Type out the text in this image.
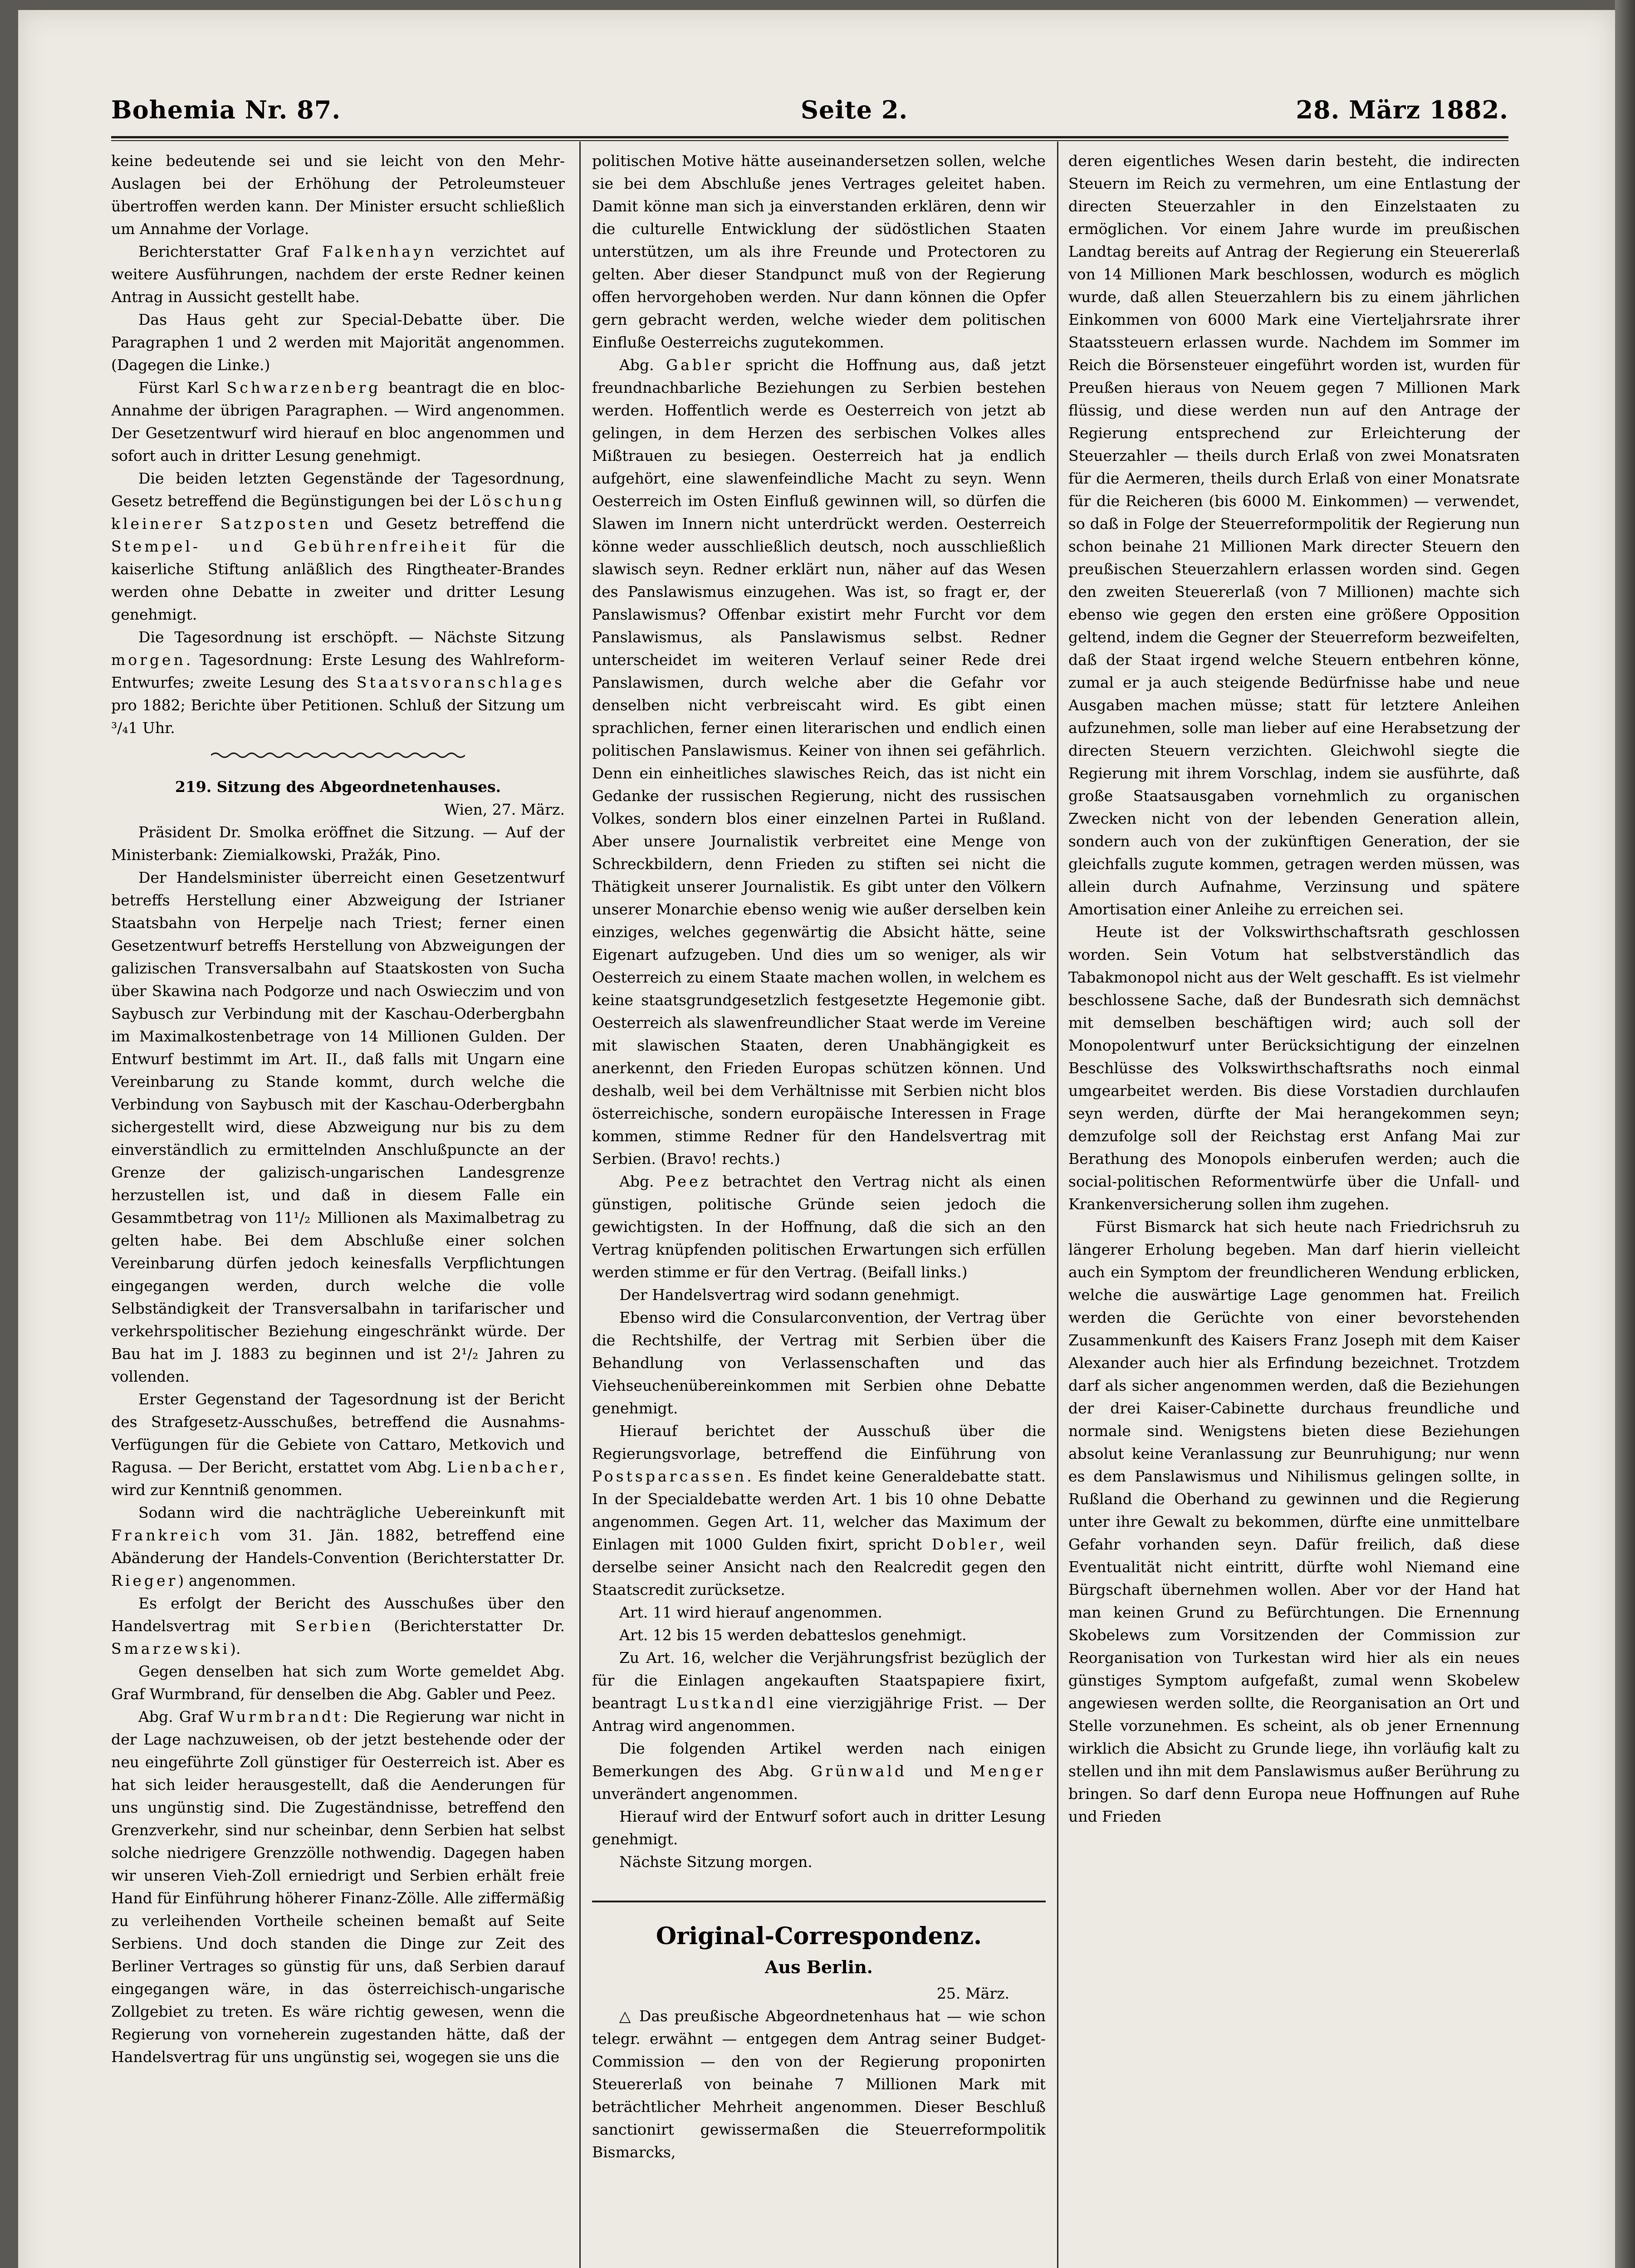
Bohemia Nr. 87.	Seite 2.	28. März 1882.

keine bedeutende sei und sie leicht von den Mehr-Auslagen bei der Erhöhung der Petroleumsteuer übertroffen werden kann. Der Minister ersucht schließlich um Annahme der Vorlage.

Berichterstatter Graf Falkenhayn verzichtet auf weitere Ausführungen, nachdem der erste Redner keinen Antrag in Aussicht gestellt habe.

Das Haus geht zur Special-Debatte über. Die Paragraphen 1 und 2 werden mit Majorität angenommen. (Dagegen die Linke.)

Fürst Karl Schwarzenberg beantragt die en bloc-Annahme der übrigen Paragraphen. — Wird angenommen. Der Gesetzentwurf wird hierauf en bloc angenommen und sofort auch in dritter Lesung genehmigt.

Die beiden letzten Gegenstände der Tagesordnung, Gesetz betreffend die Begünstigungen bei der Löschung kleinerer Satzposten und Gesetz betreffend die Stempel- und Gebührenfreiheit für die kaiserliche Stiftung anläßlich des Ringtheater-Brandes werden ohne Debatte in zweiter und dritter Lesung genehmigt.

Die Tagesordnung ist erschöpft. — Nächste Sitzung morgen. Tagesordnung: Erste Lesung des Wahlreform-Entwurfes; zweite Lesung des Staatsvoranschlages pro 1882; Berichte über Petitionen. Schluß der Sitzung um ³/₄1 Uhr.

219. Sitzung des Abgeordnetenhauses.

Wien, 27. März.

Präsident Dr. Smolka eröffnet die Sitzung. — Auf der Ministerbank: Ziemialkowski, Pražák, Pino.

Der Handelsminister überreicht einen Gesetzentwurf betreffs Herstellung einer Abzweigung der Istrianer Staatsbahn von Herpelje nach Triest; ferner einen Gesetzentwurf betreffs Herstellung von Abzweigungen der galizischen Transversalbahn auf Staatskosten von Sucha über Skawina nach Podgorze und nach Oswieczim und von Saybusch zur Verbindung mit der Kaschau-Oderbergbahn im Maximalkostenbetrage von 14 Millionen Gulden. Der Entwurf bestimmt im Art. II., daß falls mit Ungarn eine Vereinbarung zu Stande kommt, durch welche die Verbindung von Saybusch mit der Kaschau-Oderbergbahn sichergestellt wird, diese Abzweigung nur bis zu dem einverständlich zu ermittelnden Anschlußpuncte an der Grenze der galizisch-ungarischen Landesgrenze herzustellen ist, und daß in diesem Falle ein Gesammtbetrag von 11¹/₂ Millionen als Maximalbetrag zu gelten habe. Bei dem Abschluße einer solchen Vereinbarung dürfen jedoch keinesfalls Verpflichtungen eingegangen werden, durch welche die volle Selbständigkeit der Transversalbahn in tarifarischer und verkehrspolitischer Beziehung eingeschränkt würde. Der Bau hat im J. 1883 zu beginnen und ist 2¹/₂ Jahren zu vollenden.

Erster Gegenstand der Tagesordnung ist der Bericht des Strafgesetz-Ausschußes, betreffend die Ausnahms-Verfügungen für die Gebiete von Cattaro, Metkovich und Ragusa. — Der Bericht, erstattet vom Abg. Lienbacher, wird zur Kenntniß genommen.

Sodann wird die nachträgliche Uebereinkunft mit Frankreich vom 31. Jän. 1882, betreffend eine Abänderung der Handels-Convention (Berichterstatter Dr. Rieger) angenommen.

Es erfolgt der Bericht des Ausschußes über den Handelsvertrag mit Serbien (Berichterstatter Dr. Smarzewski).

Gegen denselben hat sich zum Worte gemeldet Abg. Graf Wurmbrand, für denselben die Abg. Gabler und Peez.

Abg. Graf Wurmbrandt: Die Regierung war nicht in der Lage nachzuweisen, ob der jetzt bestehende oder der neu eingeführte Zoll günstiger für Oesterreich ist. Aber es hat sich leider herausgestellt, daß die Aenderungen für uns ungünstig sind. Die Zugeständnisse, betreffend den Grenzverkehr, sind nur scheinbar, denn Serbien hat selbst solche niedrigere Grenzzölle nothwendig. Dagegen haben wir unseren Vieh-Zoll erniedrigt und Serbien erhält freie Hand für Einführung höherer Finanz-Zölle. Alle ziffermäßig zu verleihenden Vortheile scheinen bemaßt auf Seite Serbiens. Und doch standen die Dinge zur Zeit des Berliner Vertrages so günstig für uns, daß Serbien darauf eingegangen wäre, in das österreichisch-ungarische Zollgebiet zu treten. Es wäre richtig gewesen, wenn die Regierung von vorneherein zugestanden hätte, daß der Handelsvertrag für uns ungünstig sei, wogegen sie uns die

politischen Motive hätte auseinandersetzen sollen, welche sie bei dem Abschluße jenes Vertrages geleitet haben. Damit könne man sich ja einverstanden erklären, denn wir die culturelle Entwicklung der südöstlichen Staaten unterstützen, um als ihre Freunde und Protectoren zu gelten. Aber dieser Standpunct muß von der Regierung offen hervorgehoben werden. Nur dann können die Opfer gern gebracht werden, welche wieder dem politischen Einfluße Oesterreichs zugutekommen.

Abg. Gabler spricht die Hoffnung aus, daß jetzt freundnachbarliche Beziehungen zu Serbien bestehen werden. Hoffentlich werde es Oesterreich von jetzt ab gelingen, in dem Herzen des serbischen Volkes alles Mißtrauen zu besiegen. Oesterreich hat ja endlich aufgehört, eine slawenfeindliche Macht zu seyn. Wenn Oesterreich im Osten Einfluß gewinnen will, so dürfen die Slawen im Innern nicht unterdrückt werden. Oesterreich könne weder ausschließlich deutsch, noch ausschließlich slawisch seyn. Redner erklärt nun, näher auf das Wesen des Panslawismus einzugehen. Was ist, so fragt er, der Panslawismus? Offenbar existirt mehr Furcht vor dem Panslawismus, als Panslawismus selbst. Redner unterscheidet im weiteren Verlauf seiner Rede drei Panslawismen, durch welche aber die Gefahr vor denselben nicht verbreiscaht wird. Es gibt einen sprachlichen, ferner einen literarischen und endlich einen politischen Panslawismus. Keiner von ihnen sei gefährlich. Denn ein einheitliches slawisches Reich, das ist nicht ein Gedanke der russischen Regierung, nicht des russischen Volkes, sondern blos einer einzelnen Partei in Rußland. Aber unsere Journalistik verbreitet eine Menge von Schreckbildern, denn Frieden zu stiften sei nicht die Thätigkeit unserer Journalistik. Es gibt unter den Völkern unserer Monarchie ebenso wenig wie außer derselben kein einziges, welches gegenwärtig die Absicht hätte, seine Eigenart aufzugeben. Und dies um so weniger, als wir Oesterreich zu einem Staate machen wollen, in welchem es keine staatsgrundgesetzlich festgesetzte Hegemonie gibt. Oesterreich als slawenfreundlicher Staat werde im Vereine mit slawischen Staaten, deren Unabhängigkeit es anerkennt, den Frieden Europas schützen können. Und deshalb, weil bei dem Verhältnisse mit Serbien nicht blos österreichische, sondern europäische Interessen in Frage kommen, stimme Redner für den Handelsvertrag mit Serbien. (Bravo! rechts.)

Abg. Peez betrachtet den Vertrag nicht als einen günstigen, politische Gründe seien jedoch die gewichtigsten. In der Hoffnung, daß die sich an den Vertrag knüpfenden politischen Erwartungen sich erfüllen werden stimme er für den Vertrag. (Beifall links.)

Der Handelsvertrag wird sodann genehmigt.

Ebenso wird die Consularconvention, der Vertrag über die Rechtshilfe, der Vertrag mit Serbien über die Behandlung von Verlassenschaften und das Viehseuchenübereinkommen mit Serbien ohne Debatte genehmigt.

Hierauf berichtet der Ausschuß über die Regierungsvorlage, betreffend die Einführung von Postsparcassen. Es findet keine Generaldebatte statt. In der Specialdebatte werden Art. 1 bis 10 ohne Debatte angenommen. Gegen Art. 11, welcher das Maximum der Einlagen mit 1000 Gulden fixirt, spricht Dobler, weil derselbe seiner Ansicht nach den Realcredit gegen den Staatscredit zurücksetze.

Art. 11 wird hierauf angenommen.

Art. 12 bis 15 werden debatteslos genehmigt.

Zu Art. 16, welcher die Verjährungsfrist bezüglich der für die Einlagen angekauften Staatspapiere fixirt, beantragt Lustkandl eine vierzigjährige Frist. — Der Antrag wird angenommen.

Die folgenden Artikel werden nach einigen Bemerkungen des Abg. Grünwald und Menger unverändert angenommen.

Hierauf wird der Entwurf sofort auch in dritter Lesung genehmigt.

Nächste Sitzung morgen.

Original-Correspondenz.
Aus Berlin.

25. März.

△ Das preußische Abgeordnetenhaus hat — wie schon telegr. erwähnt — entgegen dem Antrag seiner Budget-Commission — den von der Regierung proponirten Steuererlaß von beinahe 7 Millionen Mark mit beträchtlicher Mehrheit angenommen. Dieser Beschluß sanctionirt gewissermaßen die Steuerreformpolitik Bismarcks,

deren eigentliches Wesen darin besteht, die indirecten Steuern im Reich zu vermehren, um eine Entlastung der directen Steuerzahler in den Einzelstaaten zu ermöglichen. Vor einem Jahre wurde im preußischen Landtag bereits auf Antrag der Regierung ein Steuererlaß von 14 Millionen Mark beschlossen, wodurch es möglich wurde, daß allen Steuerzahlern bis zu einem jährlichen Einkommen von 6000 Mark eine Vierteljahrsrate ihrer Staatssteuern erlassen wurde. Nachdem im Sommer im Reich die Börsensteuer eingeführt worden ist, wurden für Preußen hieraus von Neuem gegen 7 Millionen Mark flüssig, und diese werden nun auf den Antrage der Regierung entsprechend zur Erleichterung der Steuerzahler — theils durch Erlaß von zwei Monatsraten für die Aermeren, theils durch Erlaß von einer Monatsrate für die Reicheren (bis 6000 M. Einkommen) — verwendet, so daß in Folge der Steuerreformpolitik der Regierung nun schon beinahe 21 Millionen Mark directer Steuern den preußischen Steuerzahlern erlassen worden sind. Gegen den zweiten Steuererlaß (von 7 Millionen) machte sich ebenso wie gegen den ersten eine größere Opposition geltend, indem die Gegner der Steuerreform bezweifelten, daß der Staat irgend welche Steuern entbehren könne, zumal er ja auch steigende Bedürfnisse habe und neue Ausgaben machen müsse; statt für letztere Anleihen aufzunehmen, solle man lieber auf eine Herabsetzung der directen Steuern verzichten. Gleichwohl siegte die Regierung mit ihrem Vorschlag, indem sie ausführte, daß große Staatsausgaben vornehmlich zu organischen Zwecken nicht von der lebenden Generation allein, sondern auch von der zukünftigen Generation, der sie gleichfalls zugute kommen, getragen werden müssen, was allein durch Aufnahme, Verzinsung und spätere Amortisation einer Anleihe zu erreichen sei.

Heute ist der Volkswirthschaftsrath geschlossen worden. Sein Votum hat selbstverständlich das Tabakmonopol nicht aus der Welt geschafft. Es ist vielmehr beschlossene Sache, daß der Bundesrath sich demnächst mit demselben beschäftigen wird; auch soll der Monopolentwurf unter Berücksichtigung der einzelnen Beschlüsse des Volkswirthschaftsraths noch einmal umgearbeitet werden. Bis diese Vorstadien durchlaufen seyn werden, dürfte der Mai herangekommen seyn; demzufolge soll der Reichstag erst Anfang Mai zur Berathung des Monopols einberufen werden; auch die social-politischen Reformentwürfe über die Unfall- und Krankenversicherung sollen ihm zugehen.

Fürst Bismarck hat sich heute nach Friedrichsruh zu längerer Erholung begeben. Man darf hierin vielleicht auch ein Symptom der freundlicheren Wendung erblicken, welche die auswärtige Lage genommen hat. Freilich werden die Gerüchte von einer bevorstehenden Zusammenkunft des Kaisers Franz Joseph mit dem Kaiser Alexander auch hier als Erfindung bezeichnet. Trotzdem darf als sicher angenommen werden, daß die Beziehungen der drei Kaiser-Cabinette durchaus freundliche und normale sind. Wenigstens bieten diese Beziehungen absolut keine Veranlassung zur Beunruhigung; nur wenn es dem Panslawismus und Nihilismus gelingen sollte, in Rußland die Oberhand zu gewinnen und die Regierung unter ihre Gewalt zu bekommen, dürfte eine unmittelbare Gefahr vorhanden seyn. Dafür freilich, daß diese Eventualität nicht eintritt, dürfte wohl Niemand eine Bürgschaft übernehmen wollen. Aber vor der Hand hat man keinen Grund zu Befürchtungen. Die Ernennung Skobelews zum Vorsitzenden der Commission zur Reorganisation von Turkestan wird hier als ein neues günstiges Symptom aufgefaßt, zumal wenn Skobelew angewiesen werden sollte, die Reorganisation an Ort und Stelle vorzunehmen. Es scheint, als ob jener Ernennung wirklich die Absicht zu Grunde liege, ihn vorläufig kalt zu stellen und ihn mit dem Panslawismus außer Berührung zu bringen. So darf denn Europa neue Hoffnungen auf Ruhe und Frieden
